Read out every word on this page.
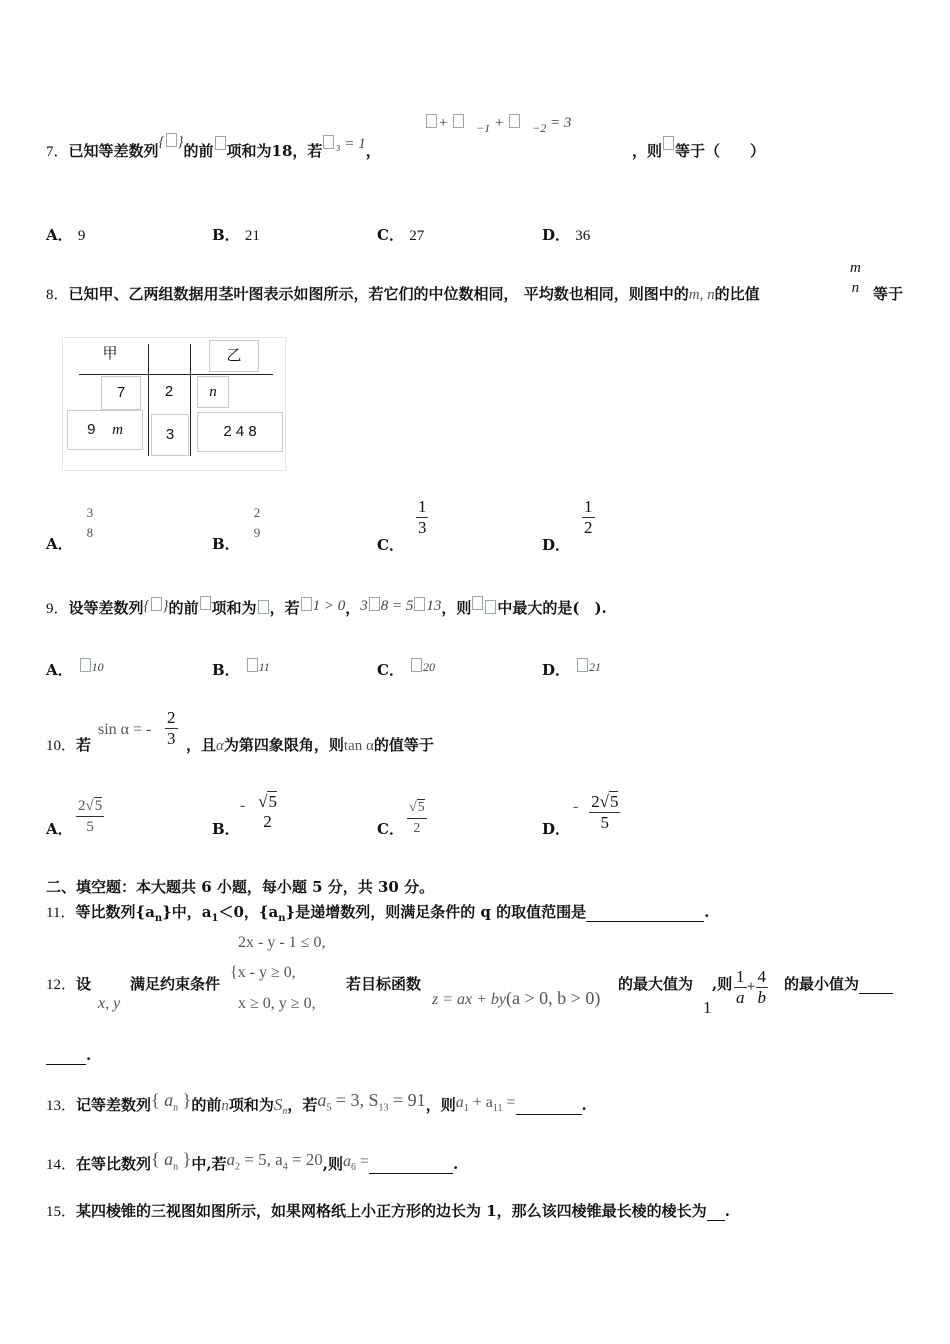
7．已知等差数列{ }的前 项和为18，若 ₃ = 1，
+    $_{-1}$ +    $_{-2}$ = 3
，则 等于（　　）
A． 9	B． 21	C． 27	D． 36
8．已知甲、乙两组数据用茎叶图表示如图所示，若它们的中位数相同， 平均数也相同，则图中的m, n的比值
m
n 等于
甲	乙
7	2	n
9 m	3	2 4 8
A．
3
8
B．
2
9
C．
$\frac{1}{3}$
D．
$\frac{1}{2}$
9．设等差数列{ }的前 项和为 ，若 1 > 0，3 8 = 5 13，则 中最大的是(　).
A． 10	B． 11	C． 20	D． 21
10．若
sin α = - $\frac{2}{3}$ ，且α为第四象限角，则tan α的值等于
A． $\frac{2√5}{5}$	B．
- √5
2	C． $\frac{√5}{2}$	D．
- $\frac{2√5}{5}$
二、填空题：本大题共 6 小题，每小题 5 分，共 30 分。
11．等比数列$\{a_n\}$中，$a_1<0$，$\{a_n\}$是递增数列，则满足条件的 q 的取值范围是	.
12．设
x, y
满足约束条件
2x - y - 1 ≤ 0,
{x - y ≥ 0,
x ≥ 0, y ≥ 0,
若目标函数
z = ax + by(a > 0, b > 0)
的最大值为
1
,则 $\frac{1}{a} + \frac{4}{b}$ 的最小值为
.
13．记等差数列{ $a_n$ }的前n项和为$S_n$，若$a_5 = 3$, $S_{13} = 91$，则$a_1 + a_{11}$ =	.
14．在等比数列{ $a_n$ }中,若$a_2 = 5$, $a_4 = 20$,则$a_6$ =	.
15．某四棱锥的三视图如图所示，如果网格纸上小正方形的边长为 1，那么该四棱锥最长棱的棱长为 .
